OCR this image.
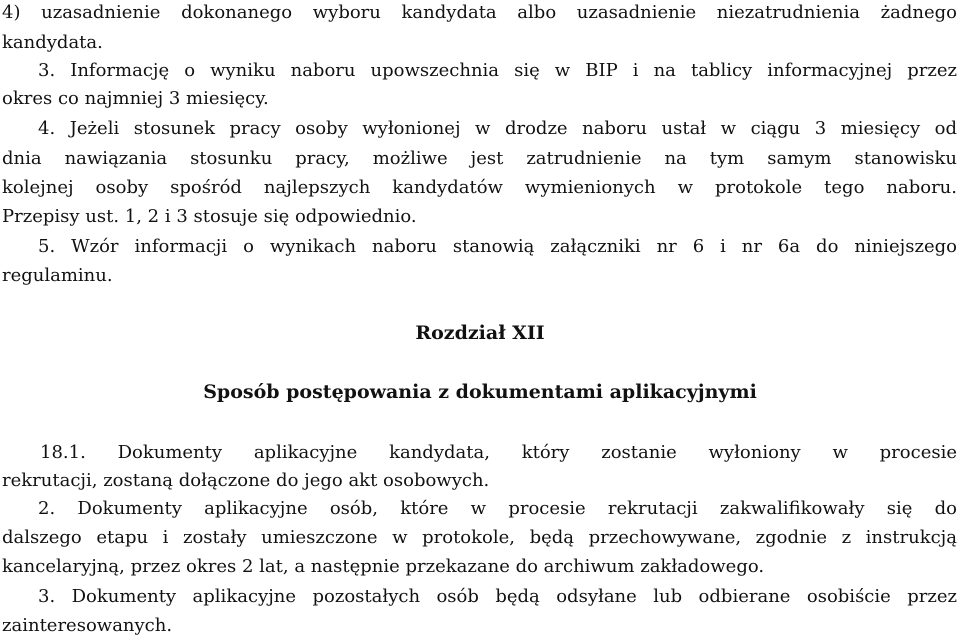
4) uzasadnienie dokonanego wyboru kandydata albo uzasadnienie niezatrudnienia żadnego
kandydata.
3. Informację o wyniku naboru upowszechnia się w BIP i na tablicy informacyjnej przez
okres co najmniej 3 miesięcy.
4. Jeżeli stosunek pracy osoby wyłonionej w drodze naboru ustał w ciągu 3 miesięcy od
dnia nawiązania stosunku pracy, możliwe jest zatrudnienie na tym samym stanowisku
kolejnej osoby spośród najlepszych kandydatów wymienionych w protokole tego naboru.
Przepisy ust. 1, 2 i 3 stosuje się odpowiednio.
5. Wzór informacji o wynikach naboru stanowią załączniki nr 6 i nr 6a do niniejszego
regulaminu.
Rozdział XII
Sposób postępowania z dokumentami aplikacyjnymi
18.1. Dokumenty aplikacyjne kandydata, który zostanie wyłoniony w procesie
rekrutacji, zostaną dołączone do jego akt osobowych.
2. Dokumenty aplikacyjne osób, które w procesie rekrutacji zakwalifikowały się do
dalszego etapu i zostały umieszczone w protokole, będą przechowywane, zgodnie z instrukcją
kancelaryjną, przez okres 2 lat, a następnie przekazane do archiwum zakładowego.
3. Dokumenty aplikacyjne pozostałych osób będą odsyłane lub odbierane osobiście przez
zainteresowanych.
